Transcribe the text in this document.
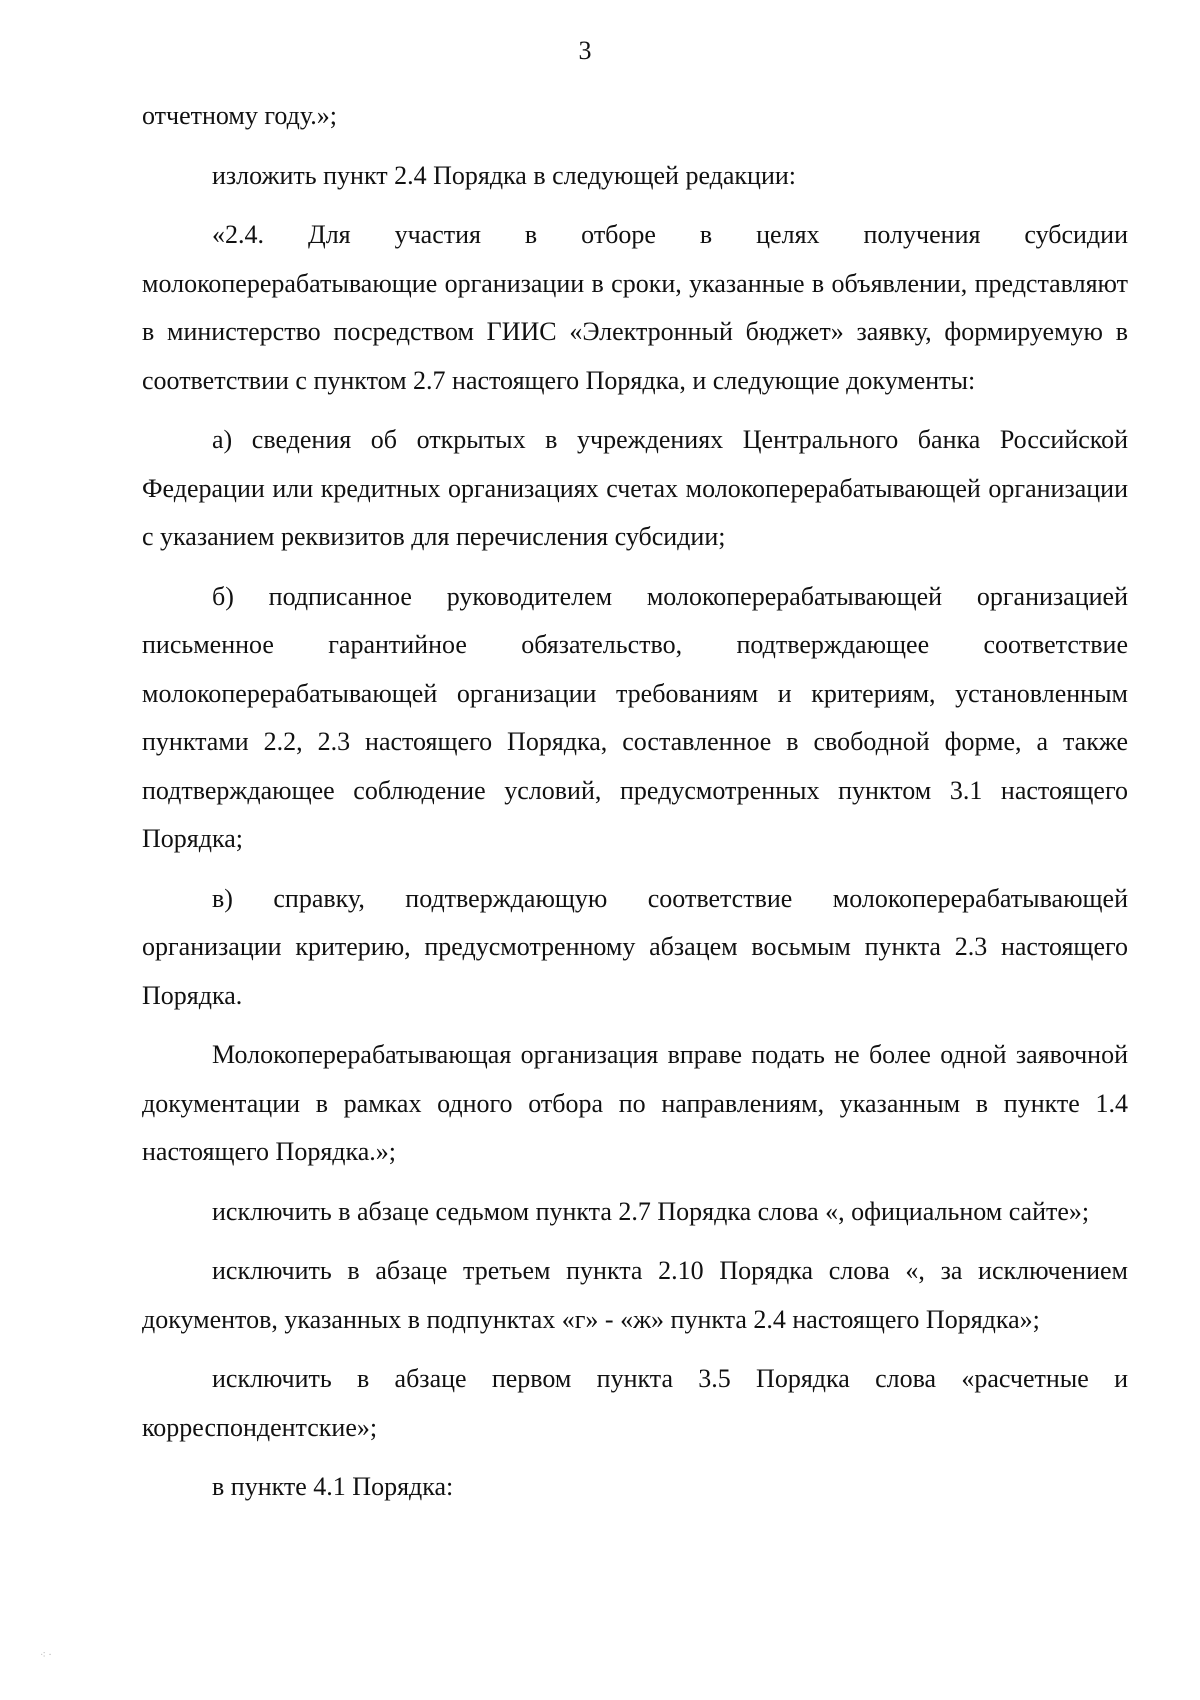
3

отчетному году.»;

изложить пункт 2.4 Порядка в следующей редакции:

«2.4. Для участия в отборе в целях получения субсидии молокоперерабатывающие организации в сроки, указанные в объявлении, представляют в министерство посредством ГИИС «Электронный бюджет» заявку, формируемую в соответствии с пунктом 2.7 настоящего Порядка, и следующие документы:

а) сведения об открытых в учреждениях Центрального банка Российской Федерации или кредитных организациях счетах молокоперерабатывающей организации с указанием реквизитов для перечисления субсидии;

б) подписанное руководителем молокоперерабатывающей организацией письменное гарантийное обязательство, подтверждающее соответствие молокоперерабатывающей организации требованиям и критериям, установленным пунктами 2.2, 2.3 настоящего Порядка, составленное в свободной форме, а также подтверждающее соблюдение условий, предусмотренных пунктом 3.1 настоящего Порядка;

в) справку, подтверждающую соответствие молокоперерабатывающей организации критерию, предусмотренному абзацем восьмым пункта 2.3 настоящего Порядка.

Молокоперерабатывающая организация вправе подать не более одной заявочной документации в рамках одного отбора по направлениям, указанным в пункте 1.4 настоящего Порядка.»;

исключить в абзаце седьмом пункта 2.7 Порядка слова «, официальном сайте»;

исключить в абзаце третьем пункта 2.10 Порядка слова «, за исключением документов, указанных в подпунктах «г» - «ж» пункта 2.4 настоящего Порядка»;

исключить в абзаце первом пункта 3.5 Порядка слова «расчетные и корреспондентские»;

в пункте 4.1 Порядка:

⁖ ·
